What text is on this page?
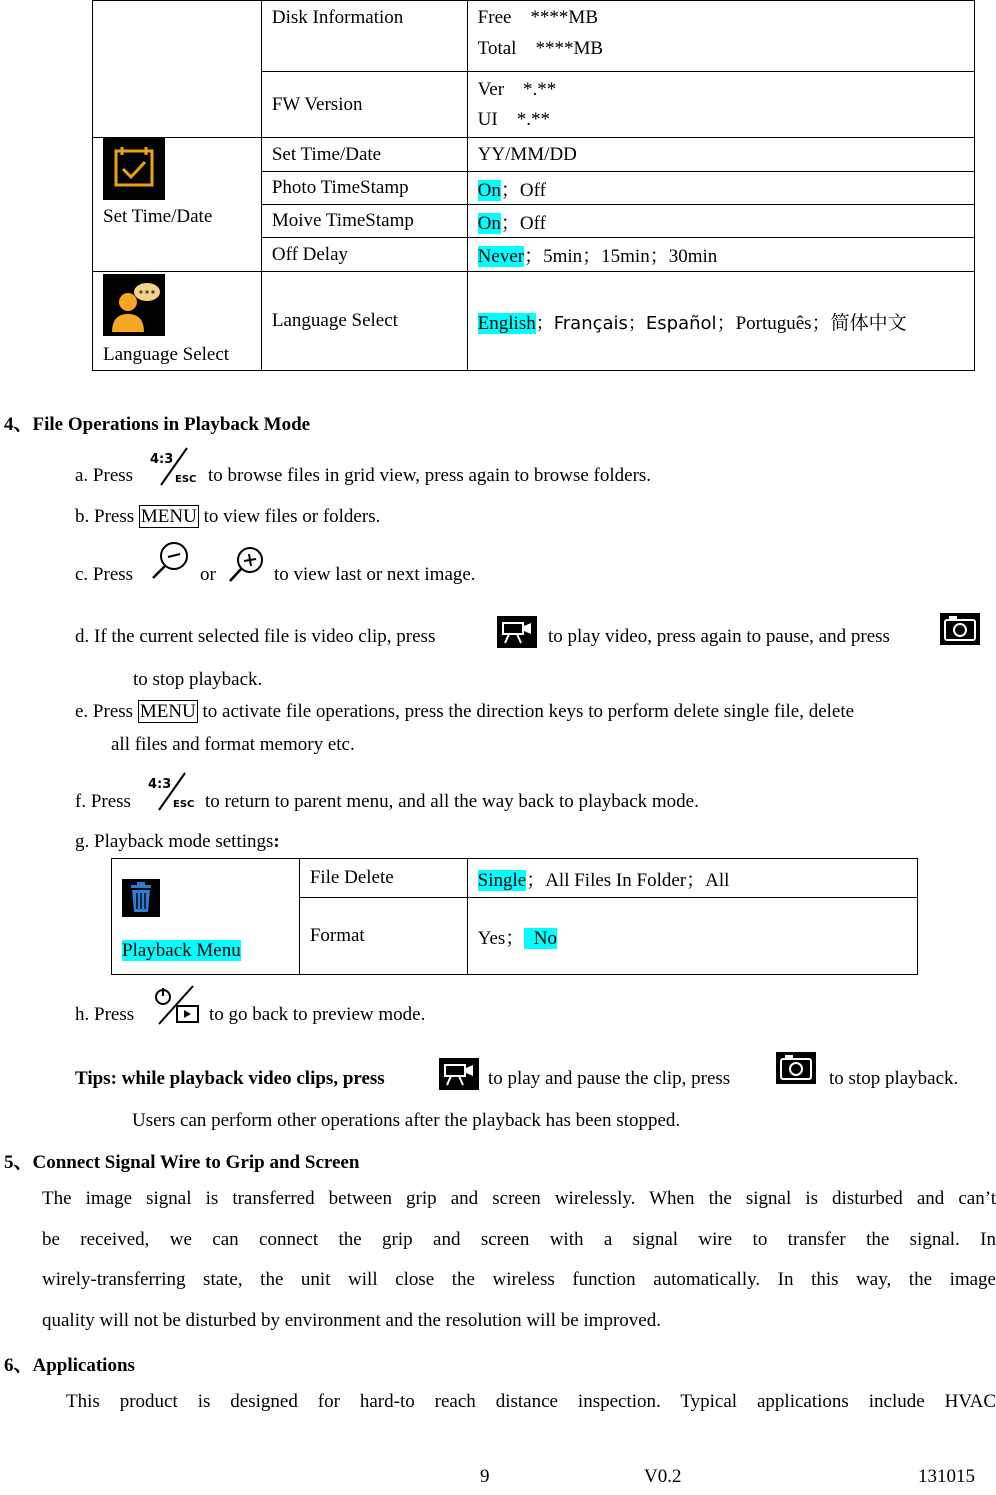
	Disk Information	Free    ****MB
Total    ****MB

	FW Version	Ver    *.**
UI    *.**

Set Time/Date	Set Time/Date	YY/MM/DD
	Photo TimeStamp	On；Off
	Moive TimeStamp	On；Off
	Off Delay	Never；5min；15min；30min

Language Select	Language Select	English；Français；Español；Português；简体中文
4、File Operations in Playback Mode
a. Press
4:3
ESC to browse files in grid view, press again to browse folders.
b. Press MENU to view files or folders.
c. Press	or	to view last or next image.
d. If the current selected file is video clip, press	to play video, press again to pause, and press
to stop playback.
e. Press MENU to activate file operations, press the direction keys to perform delete single file, delete
all files and format memory etc.
f. Press
4:3
ESC to return to parent menu, and all the way back to playback mode.
g. Playback mode settings:
Playback Menu	File Delete	Single；All Files In Folder；All
	Format	Yes；  No
h. Press	to go back to preview mode.
Tips: while playback video clips, press	to play and pause the clip, press	to stop playback.
Users can perform other operations after the playback has been stopped.
5、Connect Signal Wire to Grip and Screen
The image signal is transferred between grip and screen wirelessly. When the signal is disturbed and can’t
be received, we can connect the grip and screen with a signal wire to transfer the signal. In
wirely-transferring state, the unit will close the wireless function automatically. In this way, the image
quality will not be disturbed by environment and the resolution will be improved.
6、Applications
This product is designed for hard-to reach distance inspection. Typical applications include HVAC
9	V0.2	131015
